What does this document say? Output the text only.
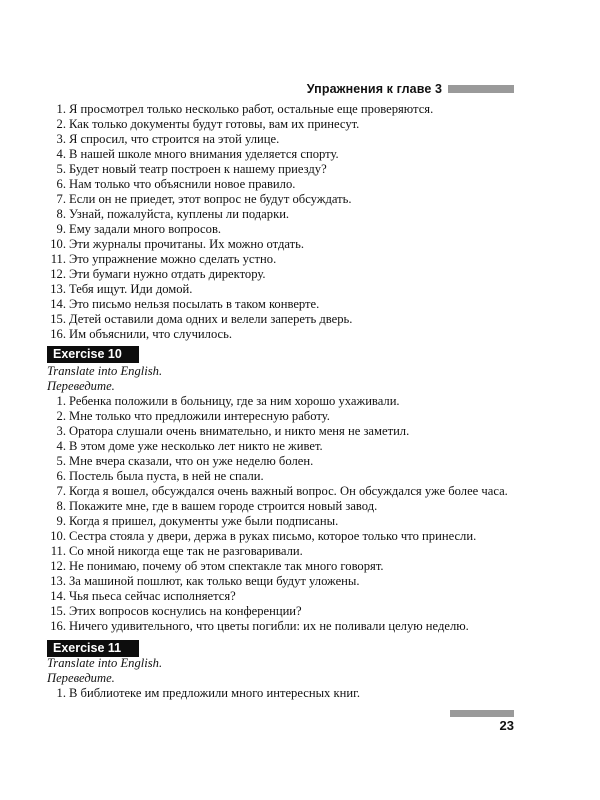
Упражнения к главе 3
1. Я просмотрел только несколько работ, остальные еще проверяются.
2. Как только документы будут готовы, вам их принесут.
3. Я спросил, что строится на этой улице.
4. В нашей школе много внимания уделяется спорту.
5. Будет новый театр построен к нашему приезду?
6. Нам только что объяснили новое правило.
7. Если он не приедет, этот вопрос не будут обсуждать.
8. Узнай, пожалуйста, куплены ли подарки.
9. Ему задали много вопросов.
10. Эти журналы прочитаны. Их можно отдать.
11. Это упражнение можно сделать устно.
12. Эти бумаги нужно отдать директору.
13. Тебя ищут. Иди домой.
14. Это письмо нельзя посылать в таком конверте.
15. Детей оставили дома одних и велели запереть дверь.
16. Им объяснили, что случилось.
Exercise 10
Translate into English.
Переведите.
1. Ребенка положили в больницу, где за ним хорошо ухаживали.
2. Мне только что предложили интересную работу.
3. Оратора слушали очень внимательно, и никто меня не заметил.
4. В этом доме уже несколько лет никто не живет.
5. Мне вчера сказали, что он уже неделю болен.
6. Постель была пуста, в ней не спали.
7. Когда я вошел, обсуждался очень важный вопрос. Он обсуждался уже более часа.
8. Покажите мне, где в вашем городе строится новый завод.
9. Когда я пришел, документы уже были подписаны.
10. Сестра стояла у двери, держа в руках письмо, которое только что принесли.
11. Со мной никогда еще так не разговаривали.
12. Не понимаю, почему об этом спектакле так много говорят.
13. За машиной пошлют, как только вещи будут уложены.
14. Чья пьеса сейчас исполняется?
15. Этих вопросов коснулись на конференции?
16. Ничего удивительного, что цветы погибли: их не поливали целую неделю.
Exercise 11
Translate into English.
Переведите.
1. В библиотеке им предложили много интересных книг.
23
